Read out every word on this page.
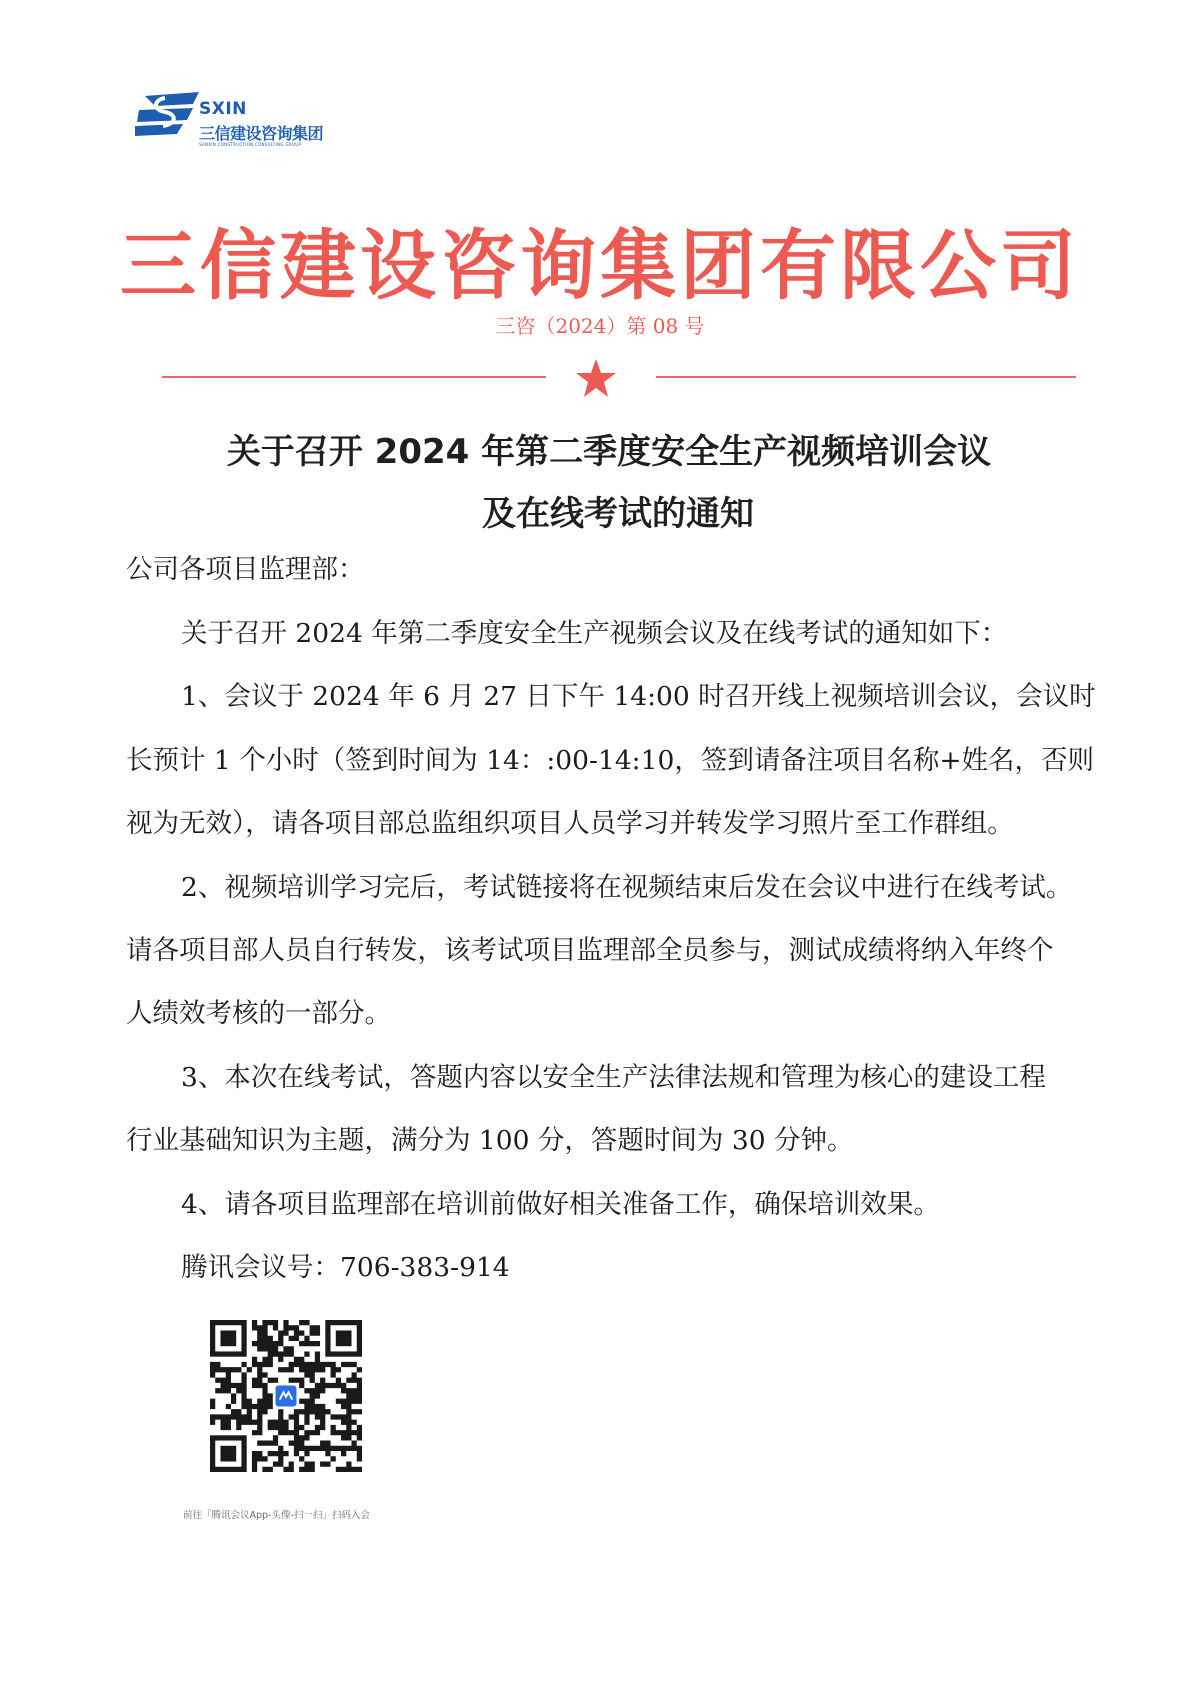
SXIN
三信建设咨询集团
SANXIN CONSTRUCTION CONSULTING GROUP
三信建设咨询集团有限公司
三咨（2024）第 08 号
关于召开 2024 年第二季度安全生产视频培训会议
及在线考试的通知
公司各项目监理部：
关于召开 2024 年第二季度安全生产视频会议及在线考试的通知如下：
1、会议于 2024 年 6 月 27 日下午 14:00 时召开线上视频培训会议，会议时
长预计 1 个小时（签到时间为 14：:00-14:10，签到请备注项目名称+姓名，否则
视为无效），请各项目部总监组织项目人员学习并转发学习照片至工作群组。
2、视频培训学习完后，考试链接将在视频结束后发在会议中进行在线考试。
请各项目部人员自行转发，该考试项目监理部全员参与，测试成绩将纳入年终个
人绩效考核的一部分。
3、本次在线考试，答题内容以安全生产法律法规和管理为核心的建设工程
行业基础知识为主题，满分为 100 分，答题时间为 30 分钟。
4、请各项目监理部在培训前做好相关准备工作，确保培训效果。
腾讯会议号：706-383-914
前往「腾讯会议App-头像-扫一扫」扫码入会
